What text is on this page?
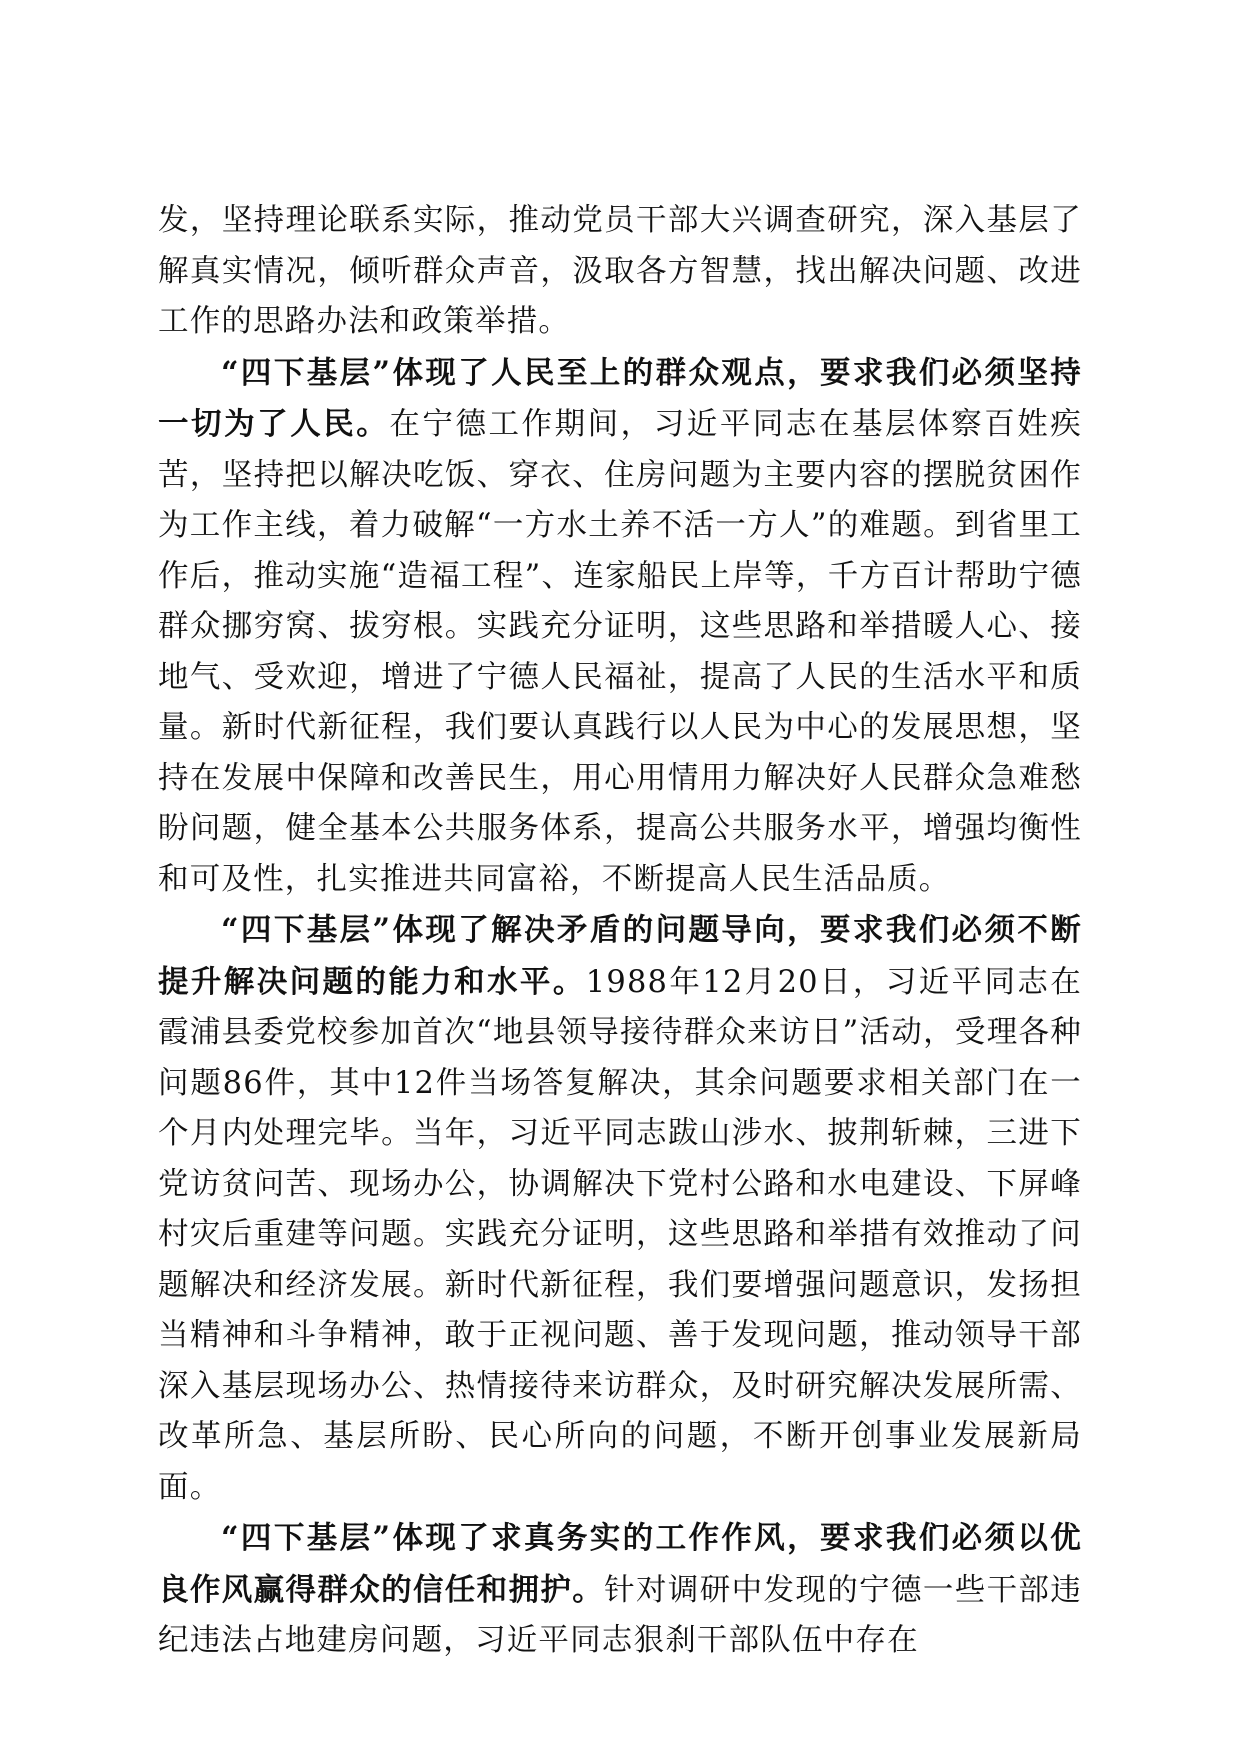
发，坚持理论联系实际，推动党员干部大兴调查研究，深入基层了解真实情况，倾听群众声音，汲取各方智慧，找出解决问题、改进工作的思路办法和政策举措。

“四下基层”体现了人民至上的群众观点，要求我们必须坚持一切为了人民。在宁德工作期间，习近平同志在基层体察百姓疾苦，坚持把以解决吃饭、穿衣、住房问题为主要内容的摆脱贫困作为工作主线，着力破解“一方水土养不活一方人”的难题。到省里工作后，推动实施“造福工程”、连家船民上岸等，千方百计帮助宁德群众挪穷窝、拔穷根。实践充分证明，这些思路和举措暖人心、接地气、受欢迎，增进了宁德人民福祉，提高了人民的生活水平和质量。新时代新征程，我们要认真践行以人民为中心的发展思想，坚持在发展中保障和改善民生，用心用情用力解决好人民群众急难愁盼问题，健全基本公共服务体系，提高公共服务水平，增强均衡性和可及性，扎实推进共同富裕，不断提高人民生活品质。

“四下基层”体现了解决矛盾的问题导向，要求我们必须不断提升解决问题的能力和水平。1988年12月20日，习近平同志在霞浦县委党校参加首次“地县领导接待群众来访日”活动，受理各种问题86件，其中12件当场答复解决，其余问题要求相关部门在一个月内处理完毕。当年，习近平同志跋山涉水、披荆斩棘，三进下党访贫问苦、现场办公，协调解决下党村公路和水电建设、下屏峰村灾后重建等问题。实践充分证明，这些思路和举措有效推动了问题解决和经济发展。新时代新征程，我们要增强问题意识，发扬担当精神和斗争精神，敢于正视问题、善于发现问题，推动领导干部深入基层现场办公、热情接待来访群众，及时研究解决发展所需、改革所急、基层所盼、民心所向的问题，不断开创事业发展新局面。

“四下基层”体现了求真务实的工作作风，要求我们必须以优良作风赢得群众的信任和拥护。针对调研中发现的宁德一些干部违纪违法占地建房问题，习近平同志狠刹干部队伍中存在
